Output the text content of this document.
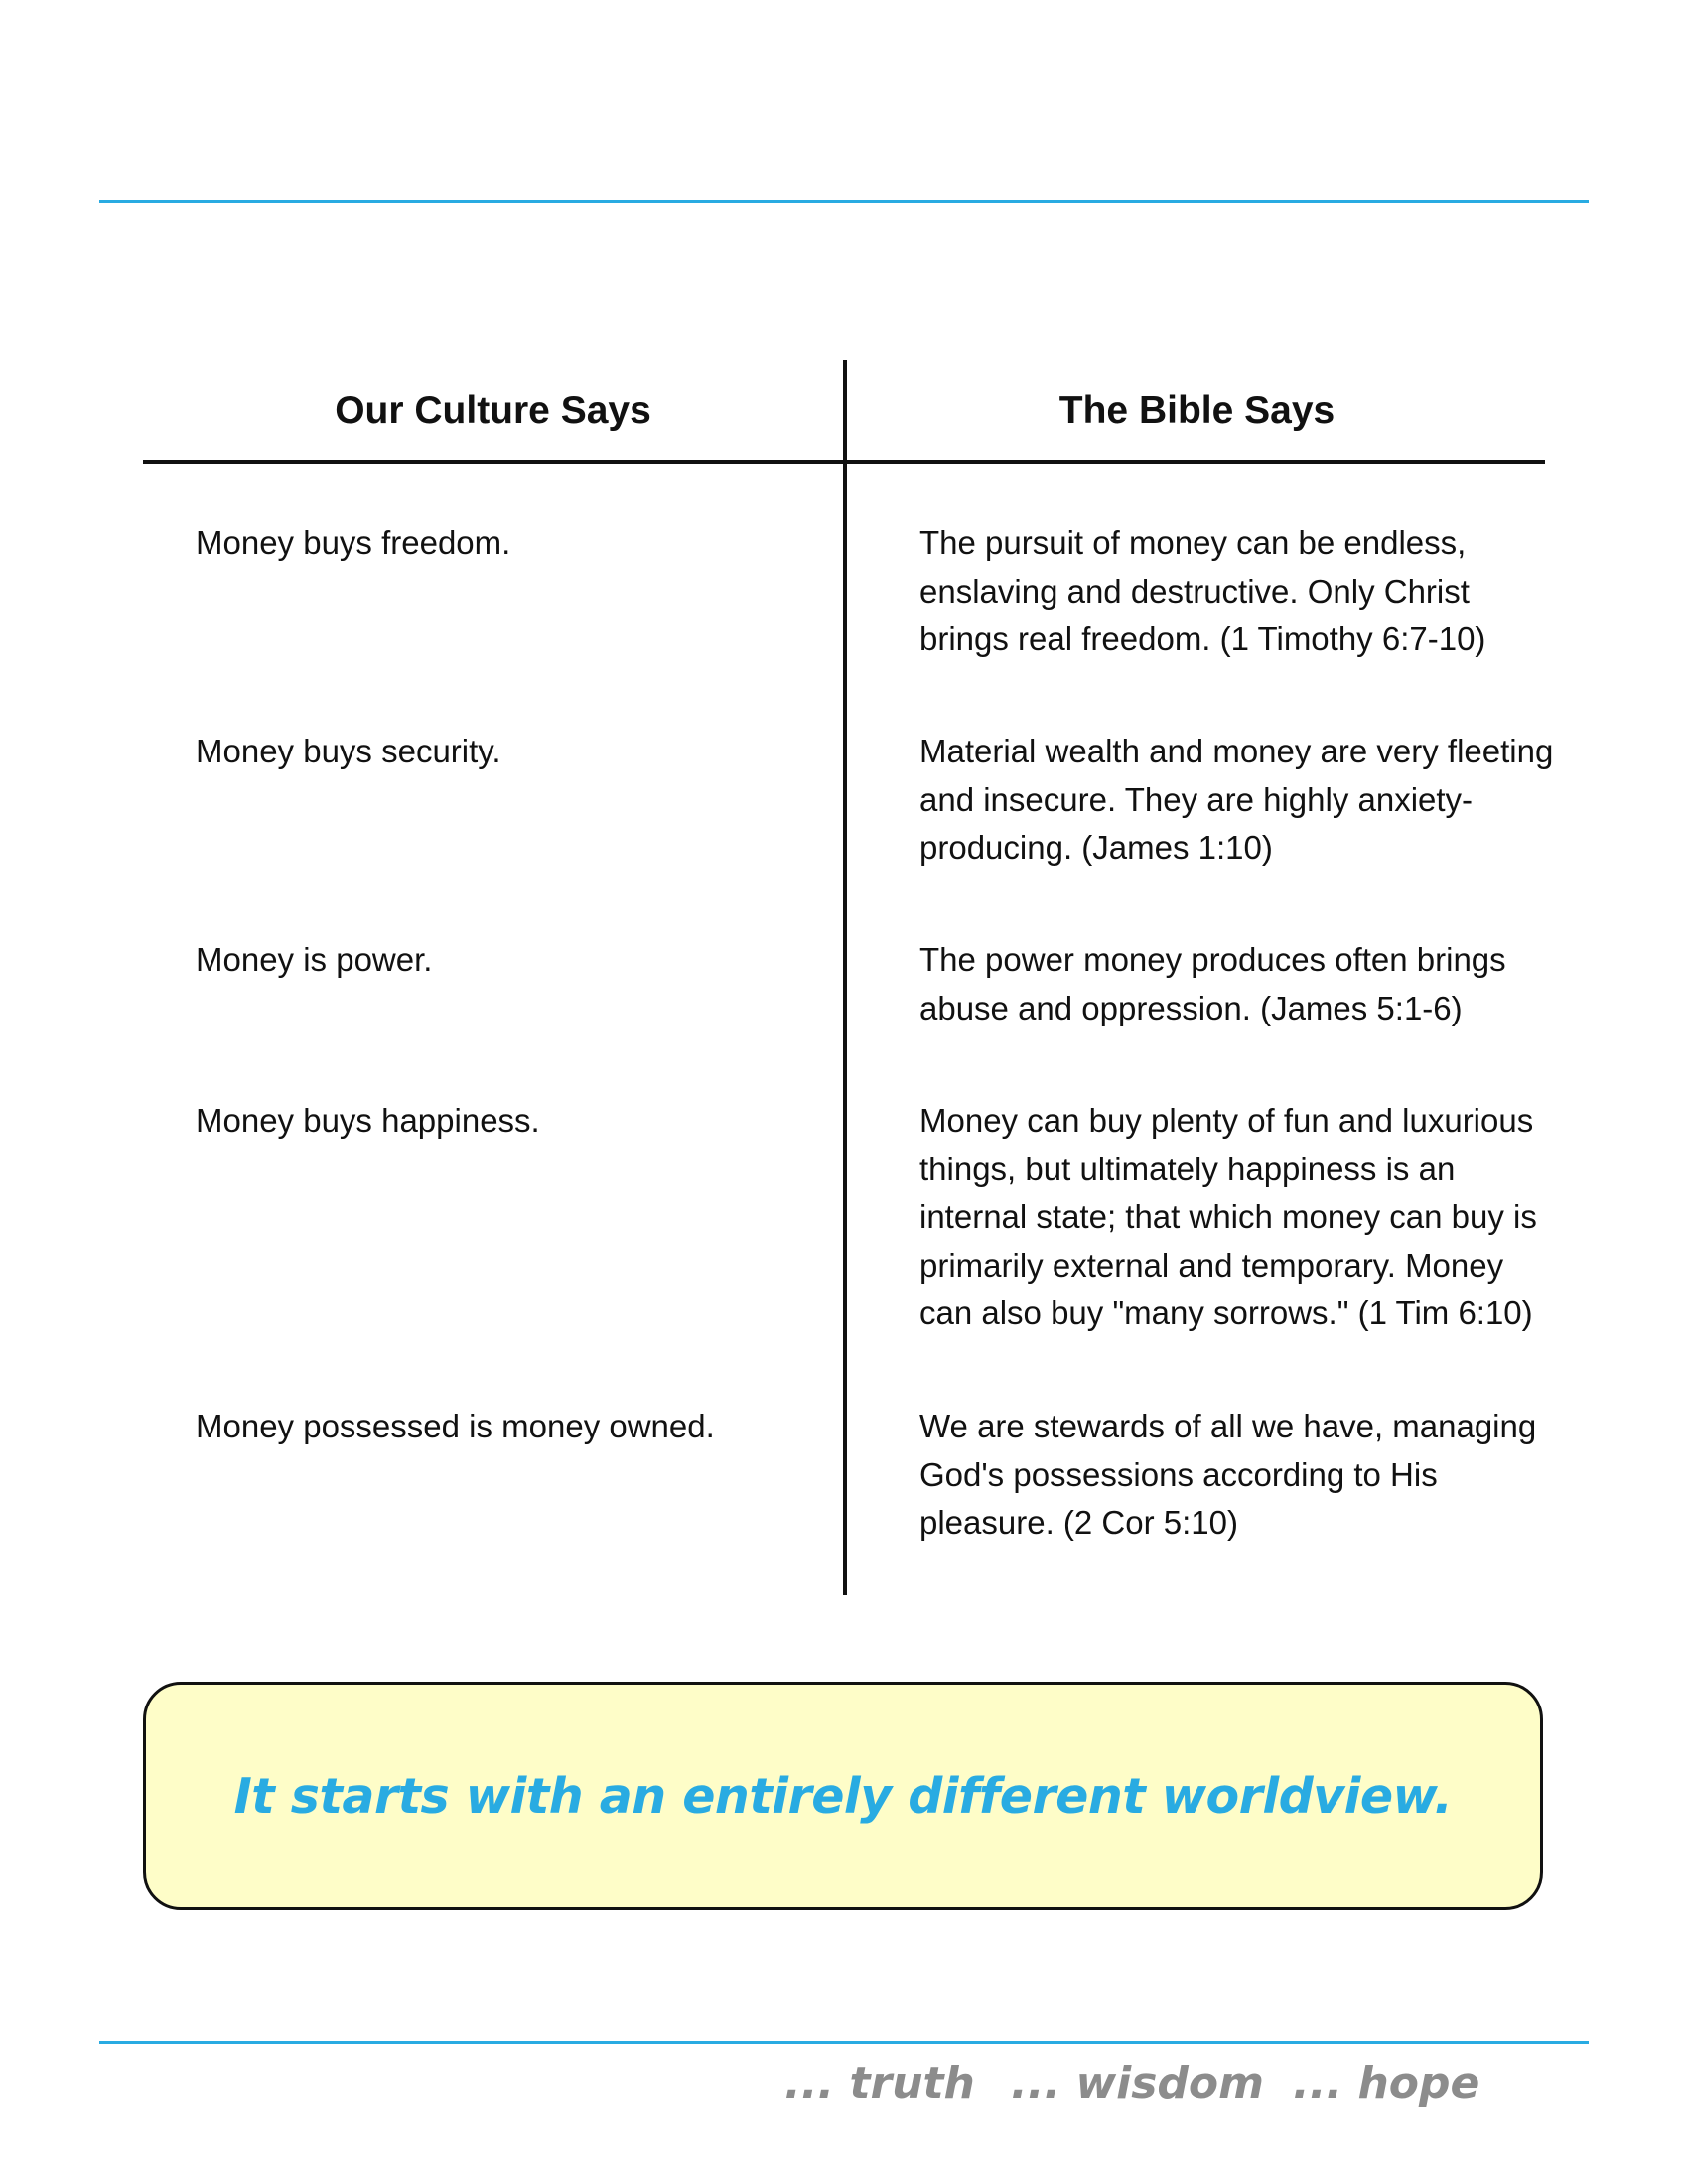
Our Culture Says	The Bible Says
Money buys freedom.	The pursuit of money can be endless, enslaving and destructive. Only Christ brings real freedom. (1 Timothy 6:7-10)
Money buys security.	Material wealth and money are very fleeting and insecure. They are highly anxiety-producing. (James 1:10)
Money is power.	The power money produces often brings abuse and oppression. (James 5:1-6)
Money buys happiness.	Money can buy plenty of fun and luxurious things, but ultimately happiness is an internal state; that which money can buy is primarily external and temporary. Money can also buy "many sorrows." (1 Tim 6:10)
Money possessed is money owned.	We are stewards of all we have, managing God's possessions according to His pleasure. (2 Cor 5:10)
It starts with an entirely different worldview.
... truth ... wisdom ... hope
